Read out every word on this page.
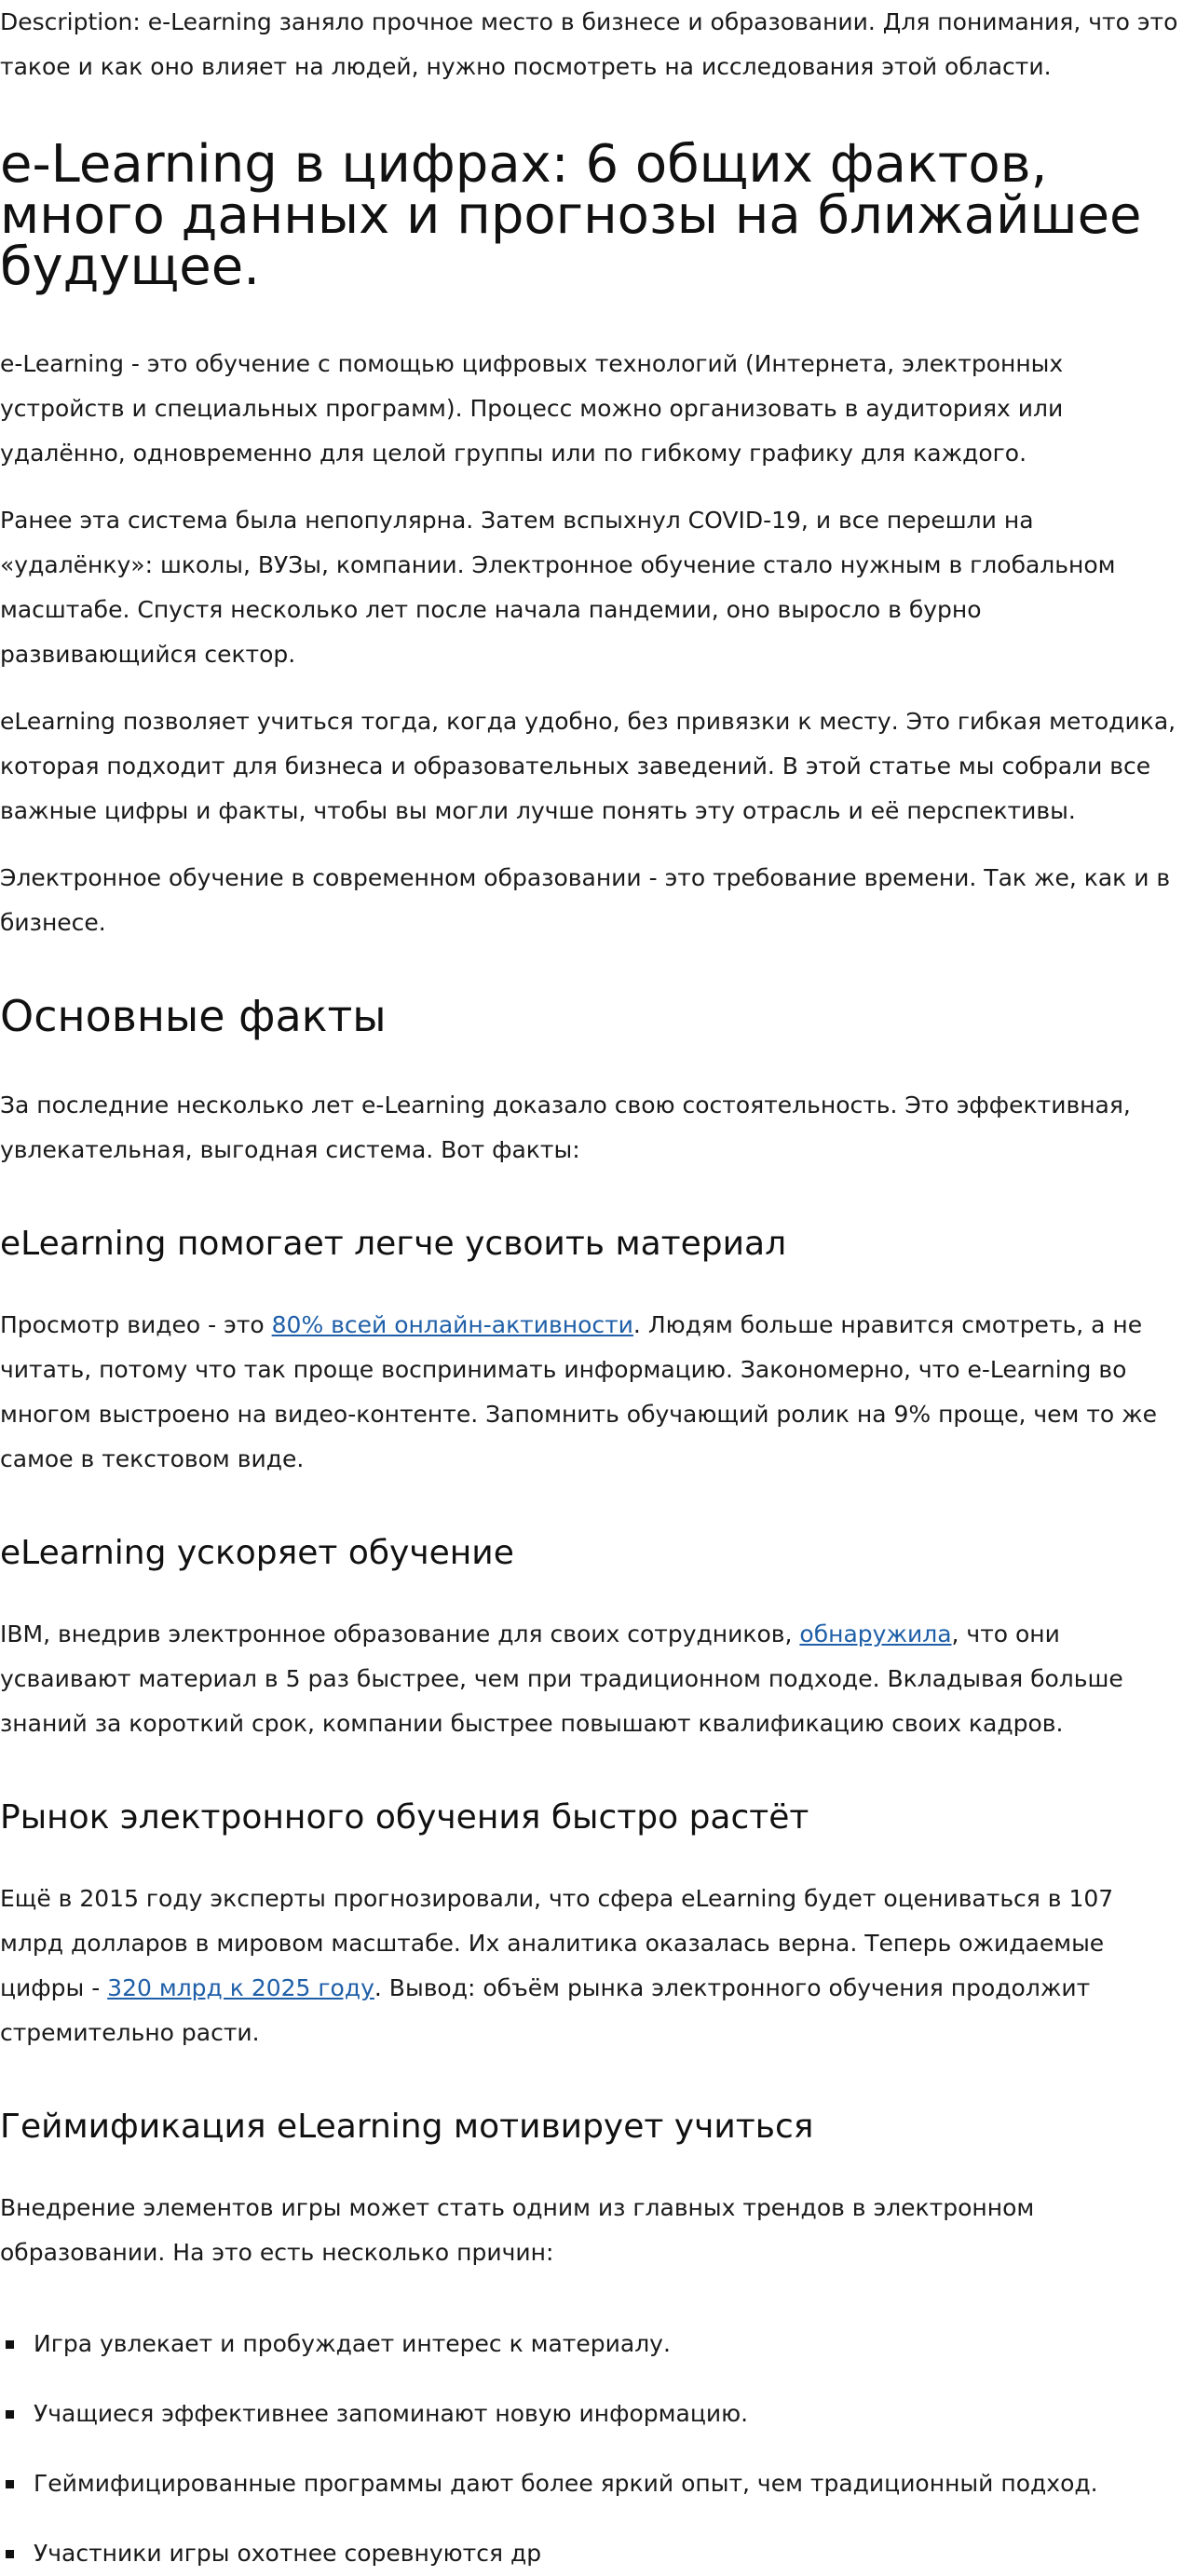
Description: e-Learning заняло прочное место в бизнесе и образовании. Для понимания, что это такое и как оно влияет на людей, нужно посмотреть на исследования этой области.

e-Learning в цифрах: 6 общих фактов, много данных и прогнозы на ближайшее будущее.

e-Learning - это обучение с помощью цифровых технологий (Интернета, электронных устройств и специальных программ). Процесс можно организовать в аудиториях или удалённо, одновременно для целой группы или по гибкому графику для каждого.

Ранее эта система была непопулярна. Затем вспыхнул COVID-19, и все перешли на «удалёнку»: школы, ВУЗы, компании. Электронное обучение стало нужным в глобальном масштабе. Спустя несколько лет после начала пандемии, оно выросло в бурно развивающийся сектор.

eLearning позволяет учиться тогда, когда удобно, без привязки к месту. Это гибкая методика, которая подходит для бизнеса и образовательных заведений. В этой статье мы собрали все важные цифры и факты, чтобы вы могли лучше понять эту отрасль и её перспективы.

Электронное обучение в современном образовании - это требование времени. Так же, как и в бизнесе.

Основные факты

За последние несколько лет e-Learning доказало свою состоятельность. Это эффективная, увлекательная, выгодная система. Вот факты:

eLearning помогает легче усвоить материал

Просмотр видео - это 80% всей онлайн-активности. Людям больше нравится смотреть, а не читать, потому что так проще воспринимать информацию. Закономерно, что e-Learning во многом выстроено на видео-контенте. Запомнить обучающий ролик на 9% проще, чем то же самое в текстовом виде.

eLearning ускоряет обучение

IBM, внедрив электронное образование для своих сотрудников, обнаружила, что они усваивают материал в 5 раз быстрее, чем при традиционном подходе. Вкладывая больше знаний за короткий срок, компании быстрее повышают квалификацию своих кадров.

Рынок электронного обучения быстро растёт

Ещё в 2015 году эксперты прогнозировали, что сфера eLearning будет оцениваться в 107 млрд долларов в мировом масштабе. Их аналитика оказалась верна. Теперь ожидаемые цифры - 320 млрд к 2025 году. Вывод: объём рынка электронного обучения продолжит стремительно расти.

Геймификация eLearning мотивирует учиться

Внедрение элементов игры может стать одним из главных трендов в электронном образовании. На это есть несколько причин:

Игра увлекает и пробуждает интерес к материалу.
Учащиеся эффективнее запоминают новую информацию.
Геймифицированные программы дают более яркий опыт, чем традиционный подход.
Участники игры охотнее соревнуются др
